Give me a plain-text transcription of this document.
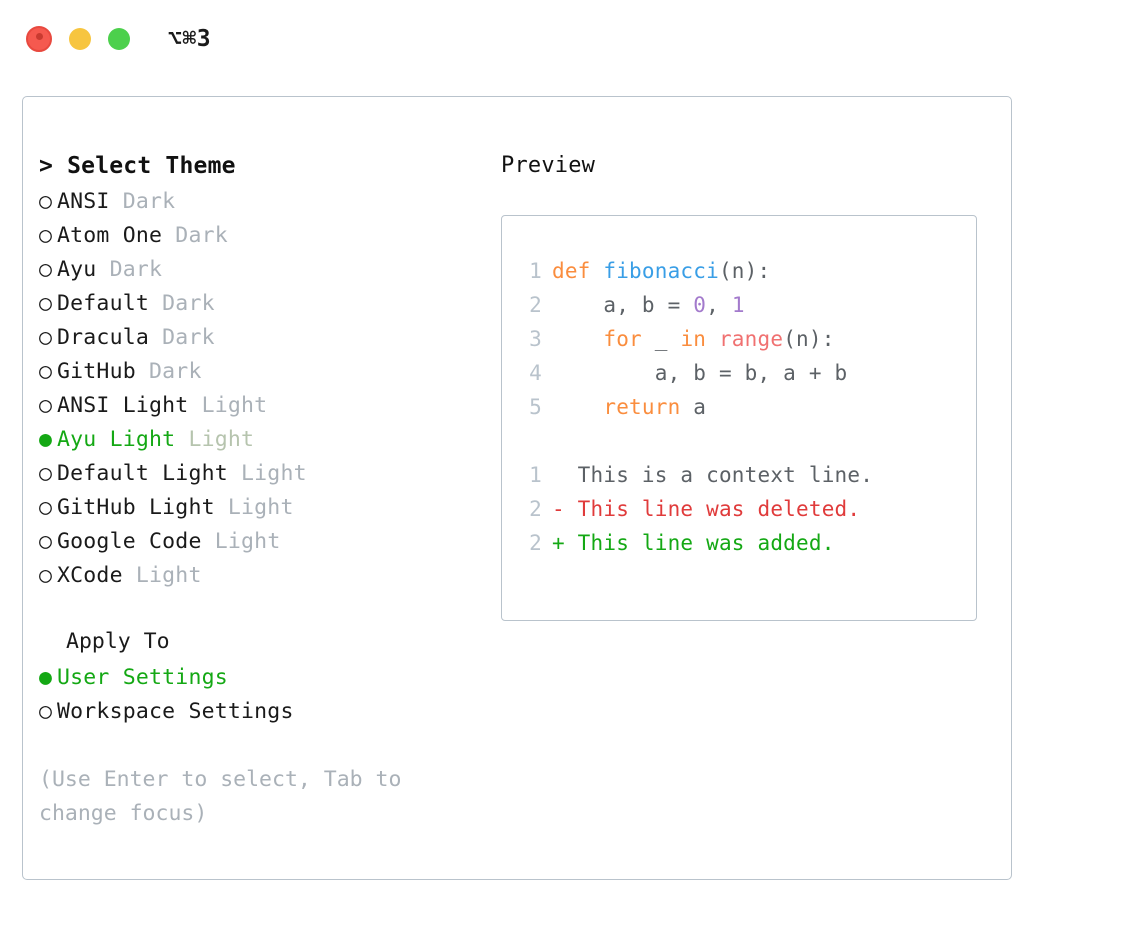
⌥⌘3
> Select Theme
○ ANSI Dark
○ Atom One Dark
○ Ayu Dark
○ Default Dark
○ Dracula Dark
○ GitHub Dark
○ ANSI Light Light
● Ayu Light Light
○ Default Light Light
○ GitHub Light Light
○ Google Code Light
○ XCode Light
Apply To
● User Settings
○ Workspace Settings
(Use Enter to select, Tab to change focus)
Preview
1 def fibonacci(n):
2    a, b = 0, 1
3	for _ in range(n):
4        a, b = b, a + b
5	return a
1  This is a context line.
2 - This line was deleted.
2 + This line was added.
